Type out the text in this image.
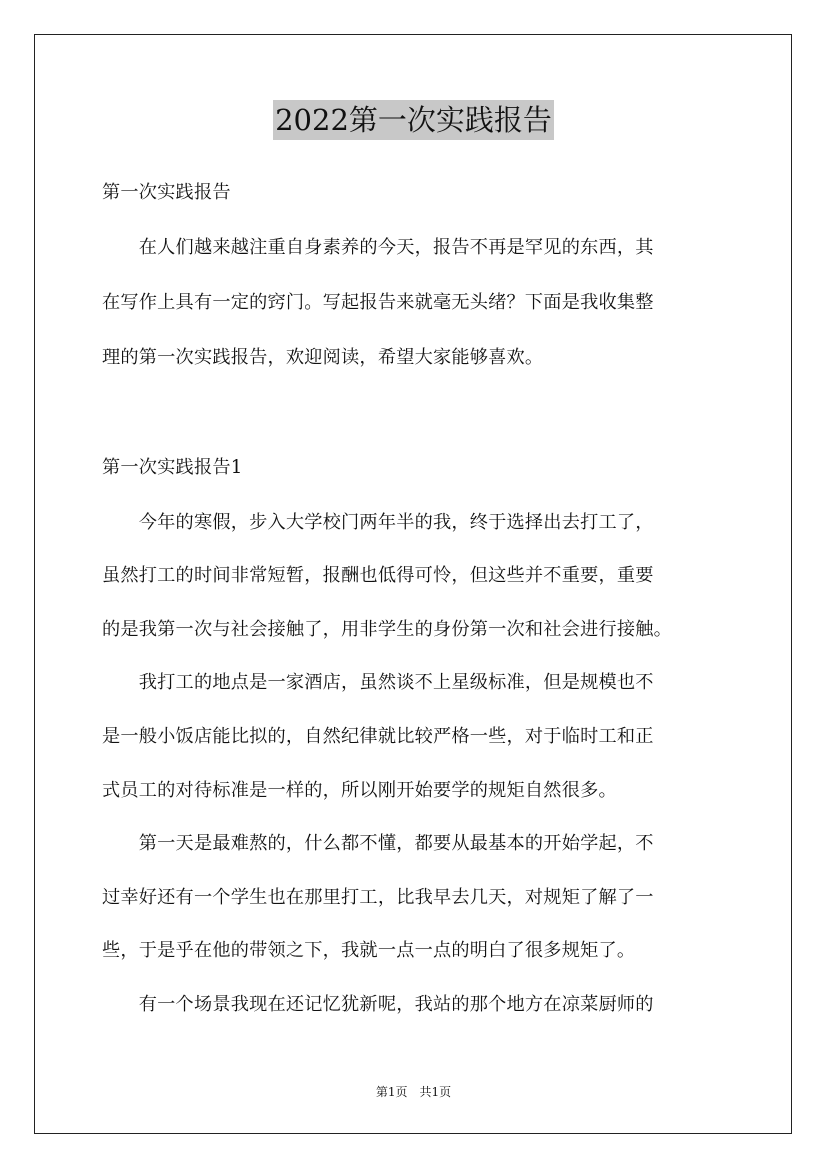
2022第一次实践报告
第一次实践报告
　　在人们越来越注重自身素养的今天，报告不再是罕见的东西，其
在写作上具有一定的窍门。写起报告来就毫无头绪？下面是我收集整
理的第一次实践报告，欢迎阅读，希望大家能够喜欢。
第一次实践报告1
　　今年的寒假，步入大学校门两年半的我，终于选择出去打工了，
虽然打工的时间非常短暂，报酬也低得可怜，但这些并不重要，重要
的是我第一次与社会接触了，用非学生的身份第一次和社会进行接触。
　　我打工的地点是一家酒店，虽然谈不上星级标准，但是规模也不
是一般小饭店能比拟的，自然纪律就比较严格一些，对于临时工和正
式员工的对待标准是一样的，所以刚开始要学的规矩自然很多。
　　第一天是最难熬的，什么都不懂，都要从最基本的开始学起，不
过幸好还有一个学生也在那里打工，比我早去几天，对规矩了解了一
些，于是乎在他的带领之下，我就一点一点的明白了很多规矩了。
　　有一个场景我现在还记忆犹新呢，我站的那个地方在凉菜厨师的
第1页　共1页
